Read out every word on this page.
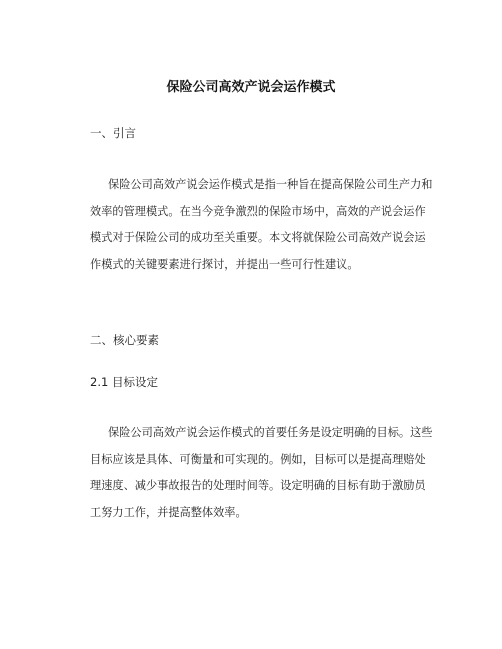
保险公司高效产说会运作模式
一、引言
保险公司高效产说会运作模式是指一种旨在提高保险公司生产力和
效率的管理模式。在当今竞争激烈的保险市场中，高效的产说会运作
模式对于保险公司的成功至关重要。本文将就保险公司高效产说会运
作模式的关键要素进行探讨，并提出一些可行性建议。
二、核心要素
2.1 目标设定
保险公司高效产说会运作模式的首要任务是设定明确的目标。这些
目标应该是具体、可衡量和可实现的。例如，目标可以是提高理赔处
理速度、减少事故报告的处理时间等。设定明确的目标有助于激励员
工努力工作，并提高整体效率。
